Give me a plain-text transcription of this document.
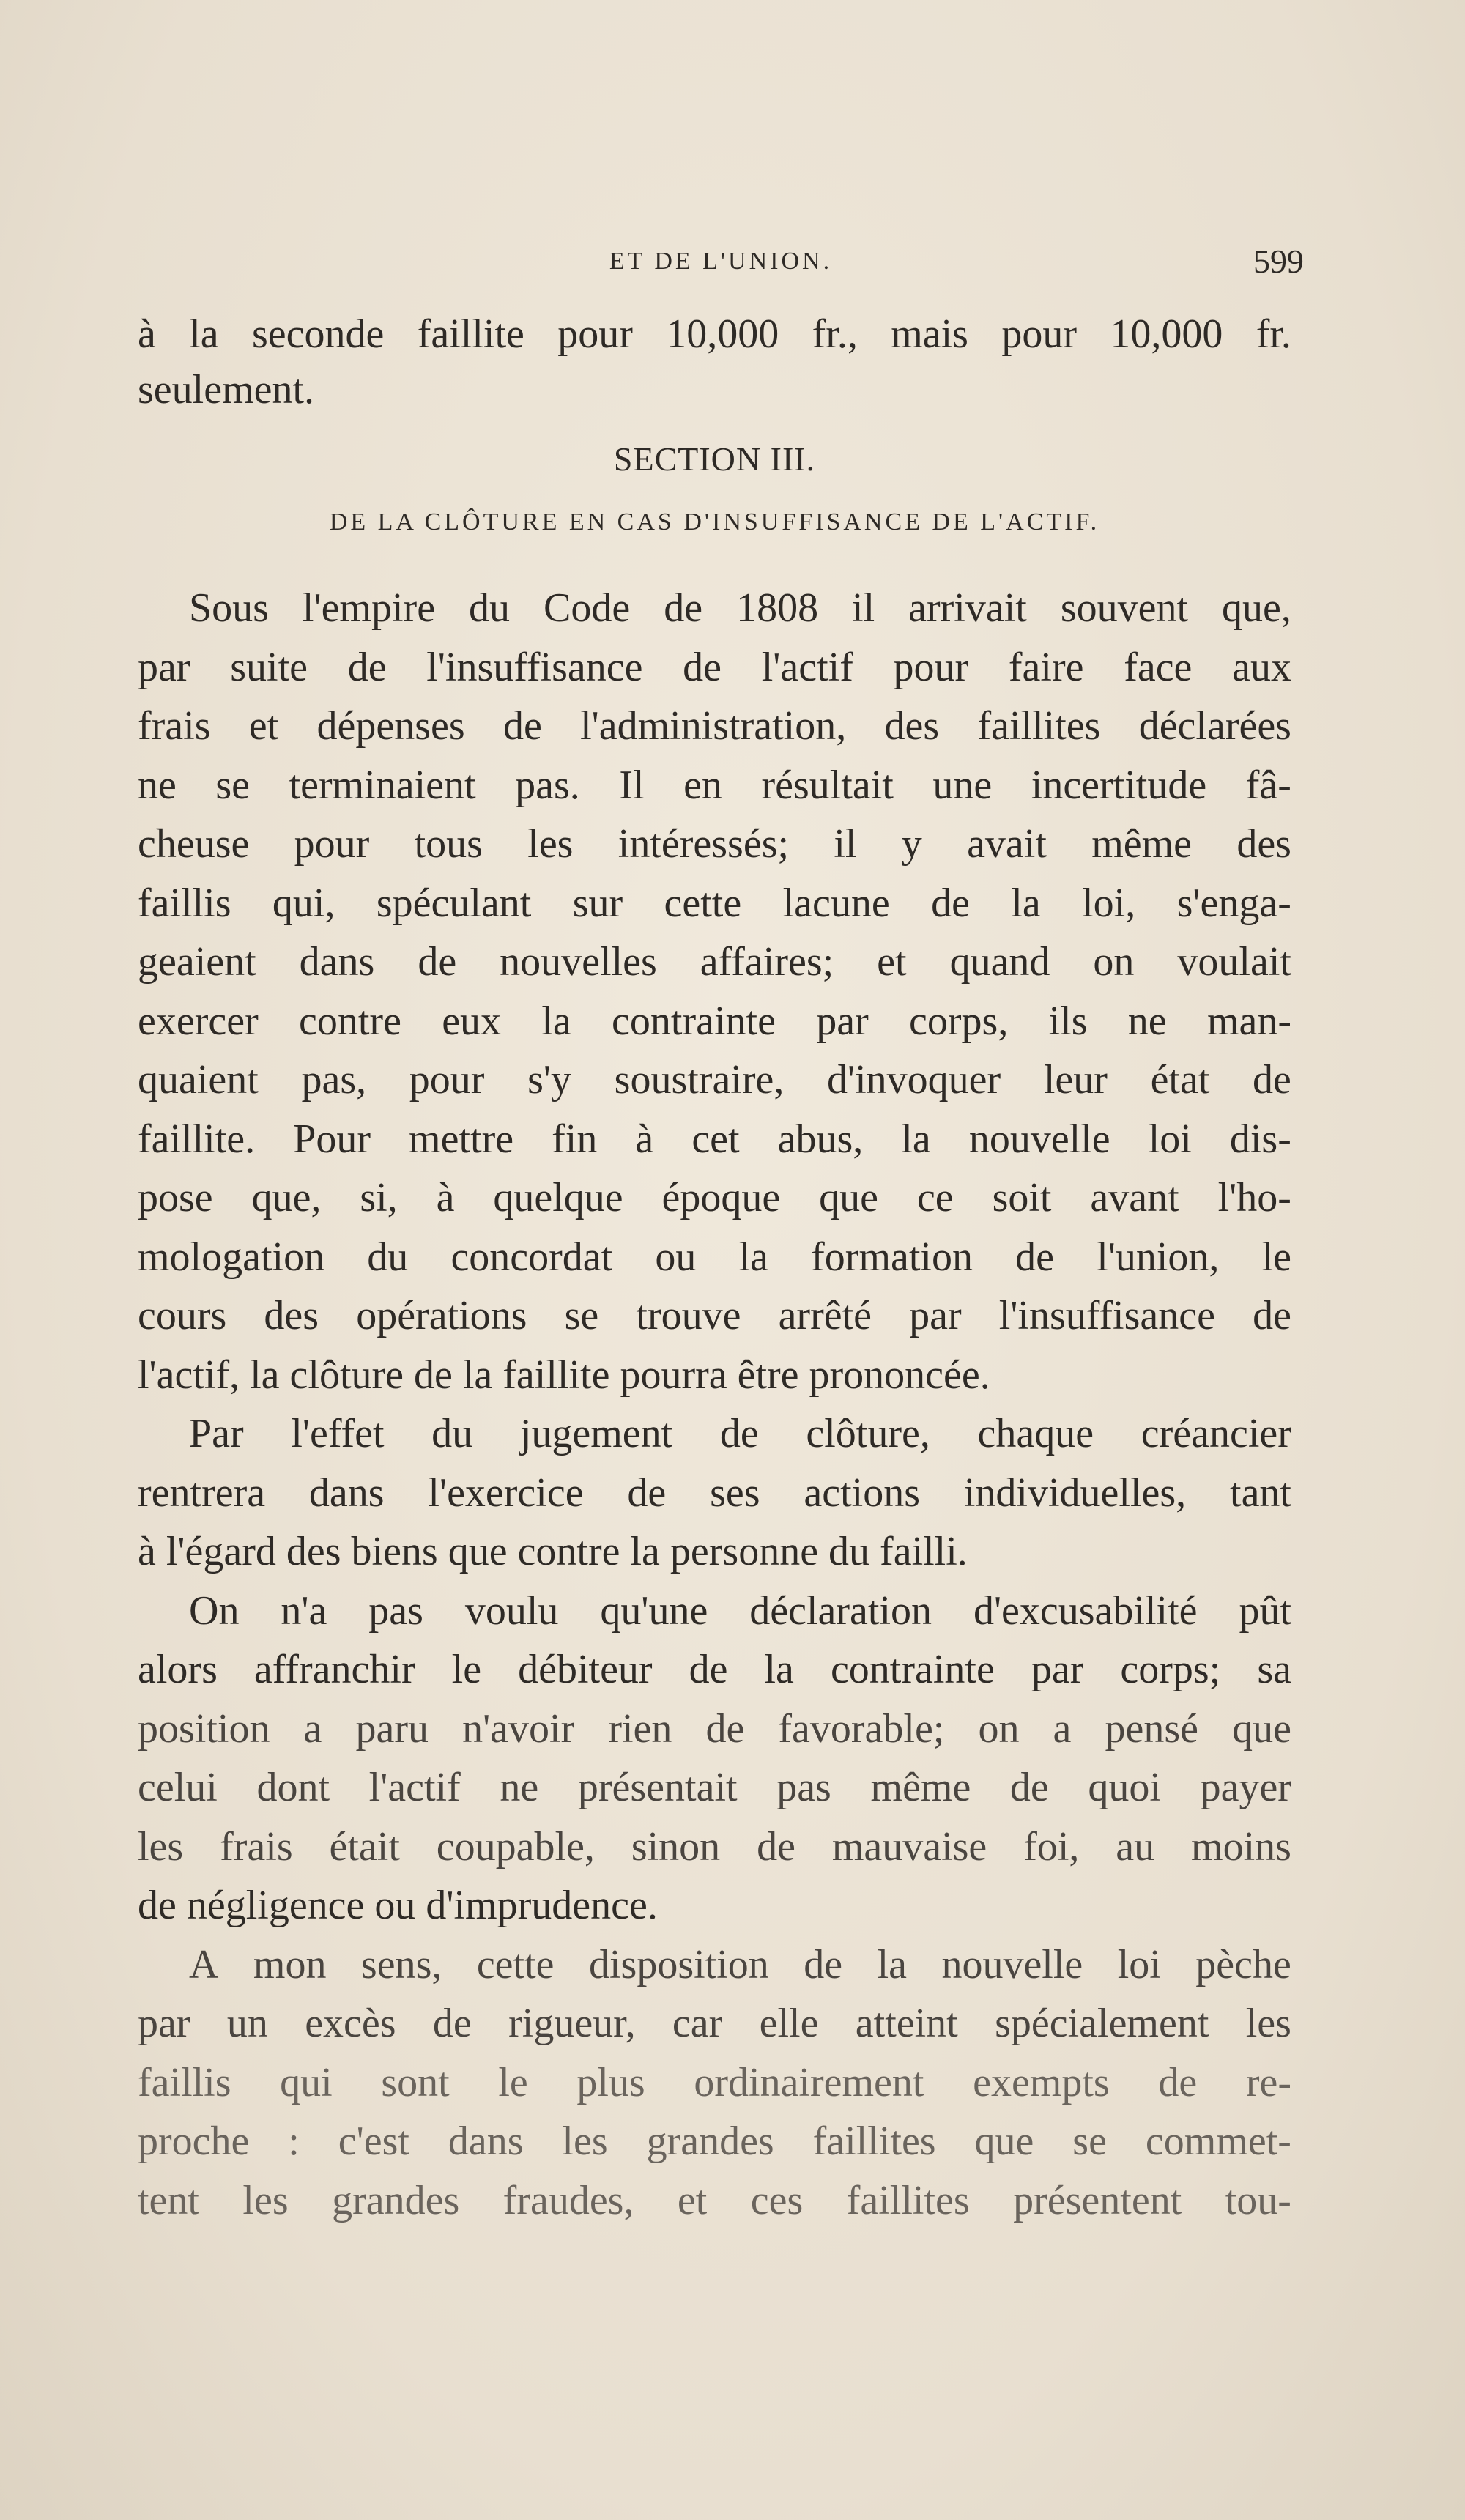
ET DE L'UNION.	599
à la seconde faillite pour 10,000 fr., mais pour 10,000 fr.
seulement.
SECTION III.
DE LA CLÔTURE EN CAS D'INSUFFISANCE DE L'ACTIF.
Sous l'empire du Code de 1808 il arrivait souvent que,
par suite de l'insuffisance de l'actif pour faire face aux
frais et dépenses de l'administration, des faillites déclarées
ne se terminaient pas. Il en résultait une incertitude fâ-
cheuse pour tous les intéressés; il y avait même des
faillis qui, spéculant sur cette lacune de la loi, s'enga-
geaient dans de nouvelles affaires; et quand on voulait
exercer contre eux la contrainte par corps, ils ne man-
quaient pas, pour s'y soustraire, d'invoquer leur état de
faillite. Pour mettre fin à cet abus, la nouvelle loi dis-
pose que, si, à quelque époque que ce soit avant l'ho-
mologation du concordat ou la formation de l'union, le
cours des opérations se trouve arrêté par l'insuffisance de
l'actif, la clôture de la faillite pourra être prononcée.
Par l'effet du jugement de clôture, chaque créancier
rentrera dans l'exercice de ses actions individuelles, tant
à l'égard des biens que contre la personne du failli.
On n'a pas voulu qu'une déclaration d'excusabilité pût
alors affranchir le débiteur de la contrainte par corps; sa
position a paru n'avoir rien de favorable; on a pensé que
celui dont l'actif ne présentait pas même de quoi payer
les frais était coupable, sinon de mauvaise foi, au moins
de négligence ou d'imprudence.
A mon sens, cette disposition de la nouvelle loi pèche
par un excès de rigueur, car elle atteint spécialement les
faillis qui sont le plus ordinairement exempts de re-
proche : c'est dans les grandes faillites que se commet-
tent les grandes fraudes, et ces faillites présentent tou-
